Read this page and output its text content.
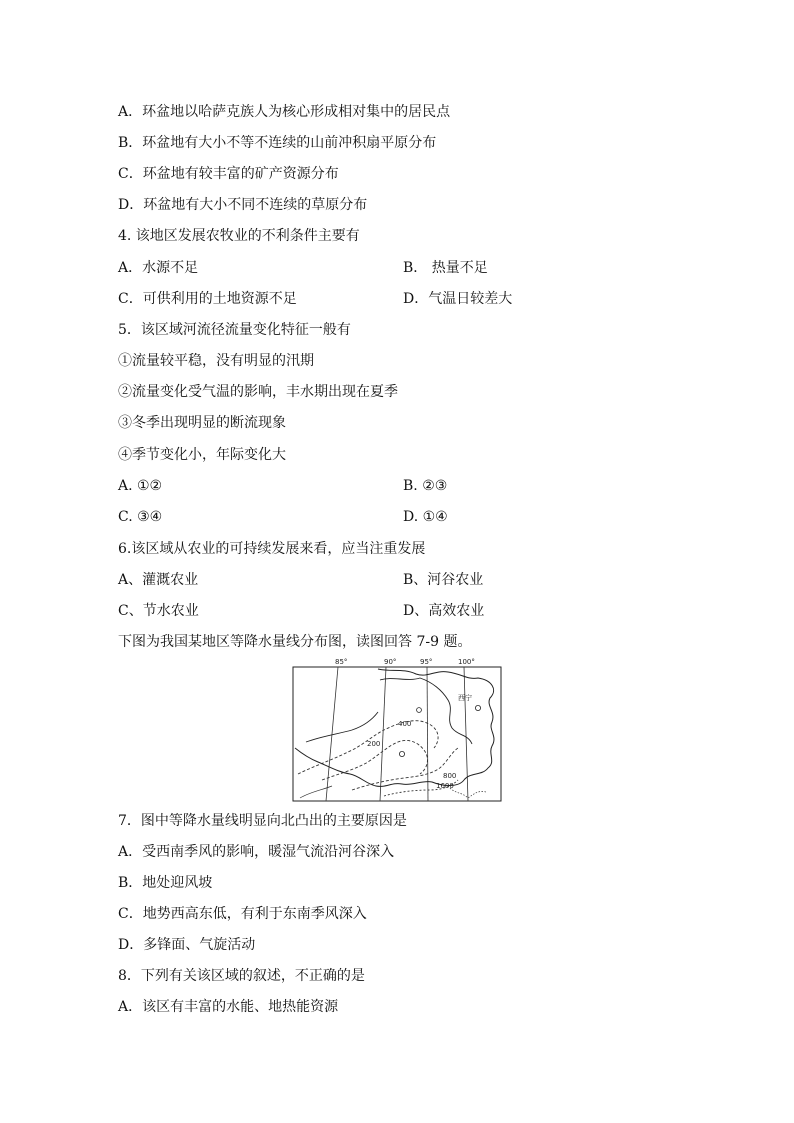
A．环盆地以哈萨克族人为核心形成相对集中的居民点
B．环盆地有大小不等不连续的山前冲积扇平原分布
C．环盆地有较丰富的矿产资源分布
D．环盆地有大小不同不连续的草原分布
4. 该地区发展农牧业的不利条件主要有
A．水源不足	B． 热量不足
C．可供利用的土地资源不足	D．气温日较差大
5．该区域河流径流量变化特征一般有
①流量较平稳，没有明显的汛期
②流量变化受气温的影响，丰水期出现在夏季
③冬季出现明显的断流现象
④季节变化小，年际变化大
A. ①②	B. ②③
C. ③④	D. ①④
6.该区域从农业的可持续发展来看，应当注重发展
A、灌溉农业	B、河谷农业
C、节水农业	D、高效农业
下图为我国某地区等降水量线分布图，读图回答 7-9 题。
85°	90°	95°	100°
西宁
200
400
800
1600
7．图中等降水量线明显向北凸出的主要原因是
A．受西南季风的影响，暖湿气流沿河谷深入
B．地处迎风坡
C．地势西高东低，有利于东南季风深入
D．多锋面、气旋活动
8．下列有关该区域的叙述，不正确的是
A．该区有丰富的水能、地热能资源
